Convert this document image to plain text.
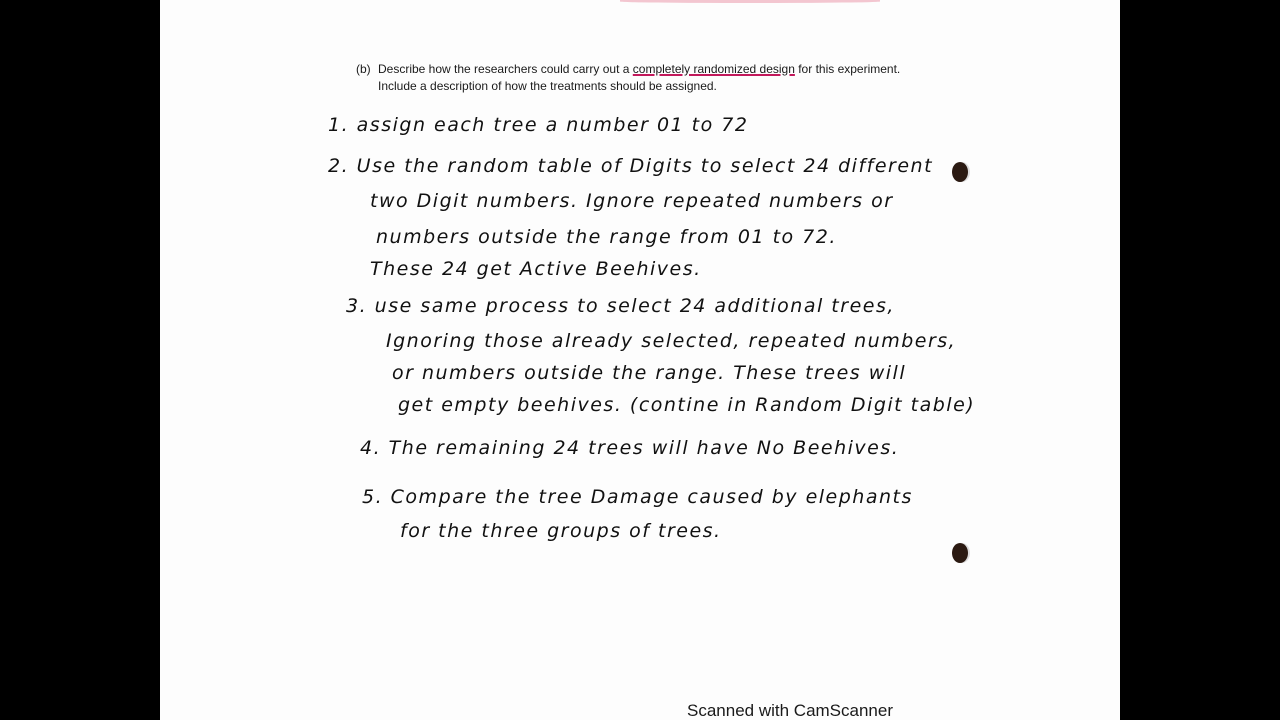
(b) Describe how the researchers could carry out a completely randomized design for this experiment.
Include a description of how the treatments should be assigned.
1. assign each tree a number 01 to 72
2. Use the random table of Digits to select 24 different
two Digit numbers. Ignore repeated numbers or
numbers outside the range from 01 to 72.
These 24 get Active Beehives.
3. use same process to select 24 additional trees,
Ignoring those already selected, repeated numbers,
or numbers outside the range. These trees will
get empty beehives. (contine in Random Digit table)
4. The remaining 24 trees will have No Beehives.
5. Compare the tree Damage caused by elephants
for the three groups of trees.
Scanned with CamScanner
